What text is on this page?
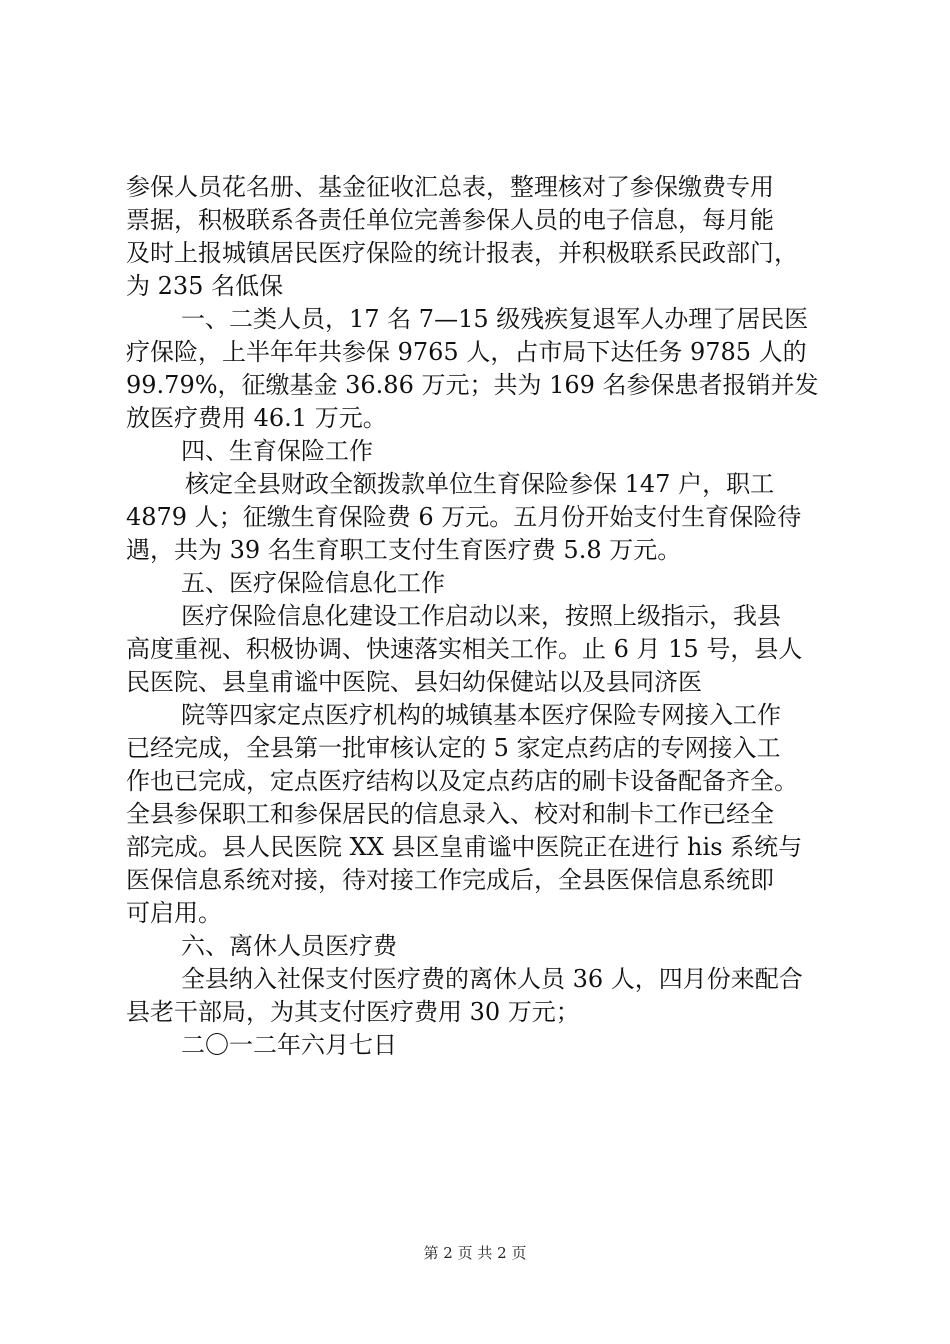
参保人员花名册、基金征收汇总表，整理核对了参保缴费专用
票据，积极联系各责任单位完善参保人员的电子信息，每月能
及时上报城镇居民医疗保险的统计报表，并积极联系民政部门，
为 235 名低保
一、二类人员，17 名 7—15 级残疾复退军人办理了居民医
疗保险，上半年年共参保 9765 人，占市局下达任务 9785 人的
99.79%，征缴基金 36.86 万元；共为 169 名参保患者报销并发
放医疗费用 46.1 万元。
四、生育保险工作
核定全县财政全额拨款单位生育保险参保 147 户，职工
4879 人；征缴生育保险费 6 万元。五月份开始支付生育保险待
遇，共为 39 名生育职工支付生育医疗费 5.8 万元。
五、医疗保险信息化工作
医疗保险信息化建设工作启动以来，按照上级指示，我县
高度重视、积极协调、快速落实相关工作。止 6 月 15 号，县人
民医院、县皇甫谧中医院、县妇幼保健站以及县同济医
院等四家定点医疗机构的城镇基本医疗保险专网接入工作
已经完成，全县第一批审核认定的 5 家定点药店的专网接入工
作也已完成，定点医疗结构以及定点药店的刷卡设备配备齐全。
全县参保职工和参保居民的信息录入、校对和制卡工作已经全
部完成。县人民医院 XX 县区皇甫谧中医院正在进行 his 系统与
医保信息系统对接，待对接工作完成后，全县医保信息系统即
可启用。
六、离休人员医疗费
全县纳入社保支付医疗费的离休人员 36 人，四月份来配合
县老干部局，为其支付医疗费用 30 万元；
二〇一二年六月七日
第 2 页 共 2 页
